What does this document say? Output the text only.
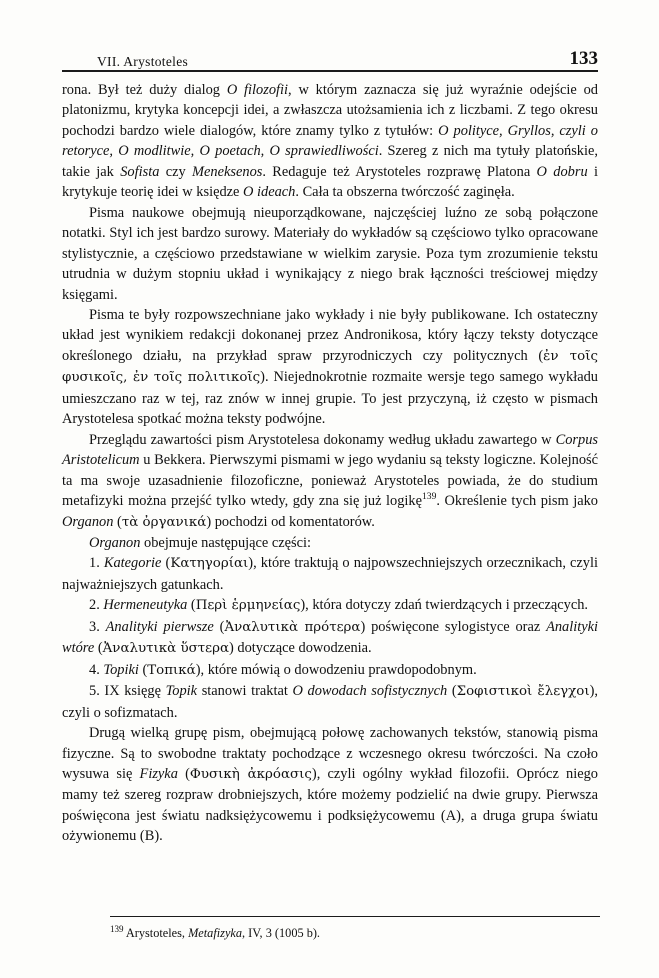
VII. Arystoteles	133

rona. Był też duży dialog O filozofii, w którym zaznacza się już wyraźnie odejście od platonizmu, krytyka koncepcji idei, a zwłaszcza utożsamienia ich z liczbami. Z tego okresu pochodzi bardzo wiele dialogów, które znamy tylko z tytułów: O polityce, Gryllos, czyli o retoryce, O modlitwie, O poetach, O sprawiedliwości. Szereg z nich ma tytuły platońskie, takie jak Sofista czy Meneksenos. Redaguje też Arystoteles rozprawę Platona O dobru i krytykuje teorię idei w księdze O ideach. Cała ta obszerna twórczość zaginęła.

Pisma naukowe obejmują nieuporządkowane, najczęściej luźno ze sobą połączone notatki. Styl ich jest bardzo surowy. Materiały do wykładów są częściowo tylko opracowane stylistycznie, a częściowo przedstawiane w wielkim zarysie. Poza tym zrozumienie tekstu utrudnia w dużym stopniu układ i wynikający z niego brak łączności treściowej między księgami.

Pisma te były rozpowszechniane jako wykłady i nie były publikowane. Ich ostateczny układ jest wynikiem redakcji dokonanej przez Andronikosa, który łączy teksty dotyczące określonego działu, na przykład spraw przyrodniczych czy politycznych (ἐν τοῖς φυσικοῖς, ἐν τοῖς πολιτικοῖς). Niejednokrotnie rozmaite wersje tego samego wykładu umieszczano raz w tej, raz znów w innej grupie. To jest przyczyną, iż często w pismach Arystotelesa spotkać można teksty podwójne.

Przeglądu zawartości pism Arystotelesa dokonamy według układu zawartego w Corpus Aristotelicum u Bekkera. Pierwszymi pismami w jego wydaniu są teksty logiczne. Kolejność ta ma swoje uzasadnienie filozoficzne, ponieważ Arystoteles powiada, że do studium metafizyki można przejść tylko wtedy, gdy zna się już logikę$^{139}$. Określenie tych pism jako Organon (τὰ ὀργανικά) pochodzi od komentatorów.

Organon obejmuje następujące części:

1. Kategorie (Κατηγορίαι), które traktują o najpowszechniejszych orzecznikach, czyli najważniejszych gatunkach.

2. Hermeneutyka (Περὶ ἑρμηνείας), która dotyczy zdań twierdzących i przeczących.

3. Analityki pierwsze (Ἀναλυτικὰ πρότερα) poświęcone sylogistyce oraz Analityki wtóre (Ἀναλυτικὰ ὕστερα) dotyczące dowodzenia.

4. Topiki (Τοπικά), które mówią o dowodzeniu prawdopodobnym.

5. IX księgę Topik stanowi traktat O dowodach sofistycznych (Σοφιστικοὶ ἔλεγχοι), czyli o sofizmatach.

Drugą wielką grupę pism, obejmującą połowę zachowanych tekstów, stanowią pisma fizyczne. Są to swobodne traktaty pochodzące z wczesnego okresu twórczości. Na czoło wysuwa się Fizyka (Φυσικὴ ἀκρόασις), czyli ogólny wykład filozofii. Oprócz niego mamy też szereg rozpraw drobniejszych, które możemy podzielić na dwie grupy. Pierwsza poświęcona jest światu nadksiężycowemu i podksiężycowemu (A), a druga grupa światu ożywionemu (B).

$^{139}$ Arystoteles, Metafizyka, IV, 3 (1005 b).
